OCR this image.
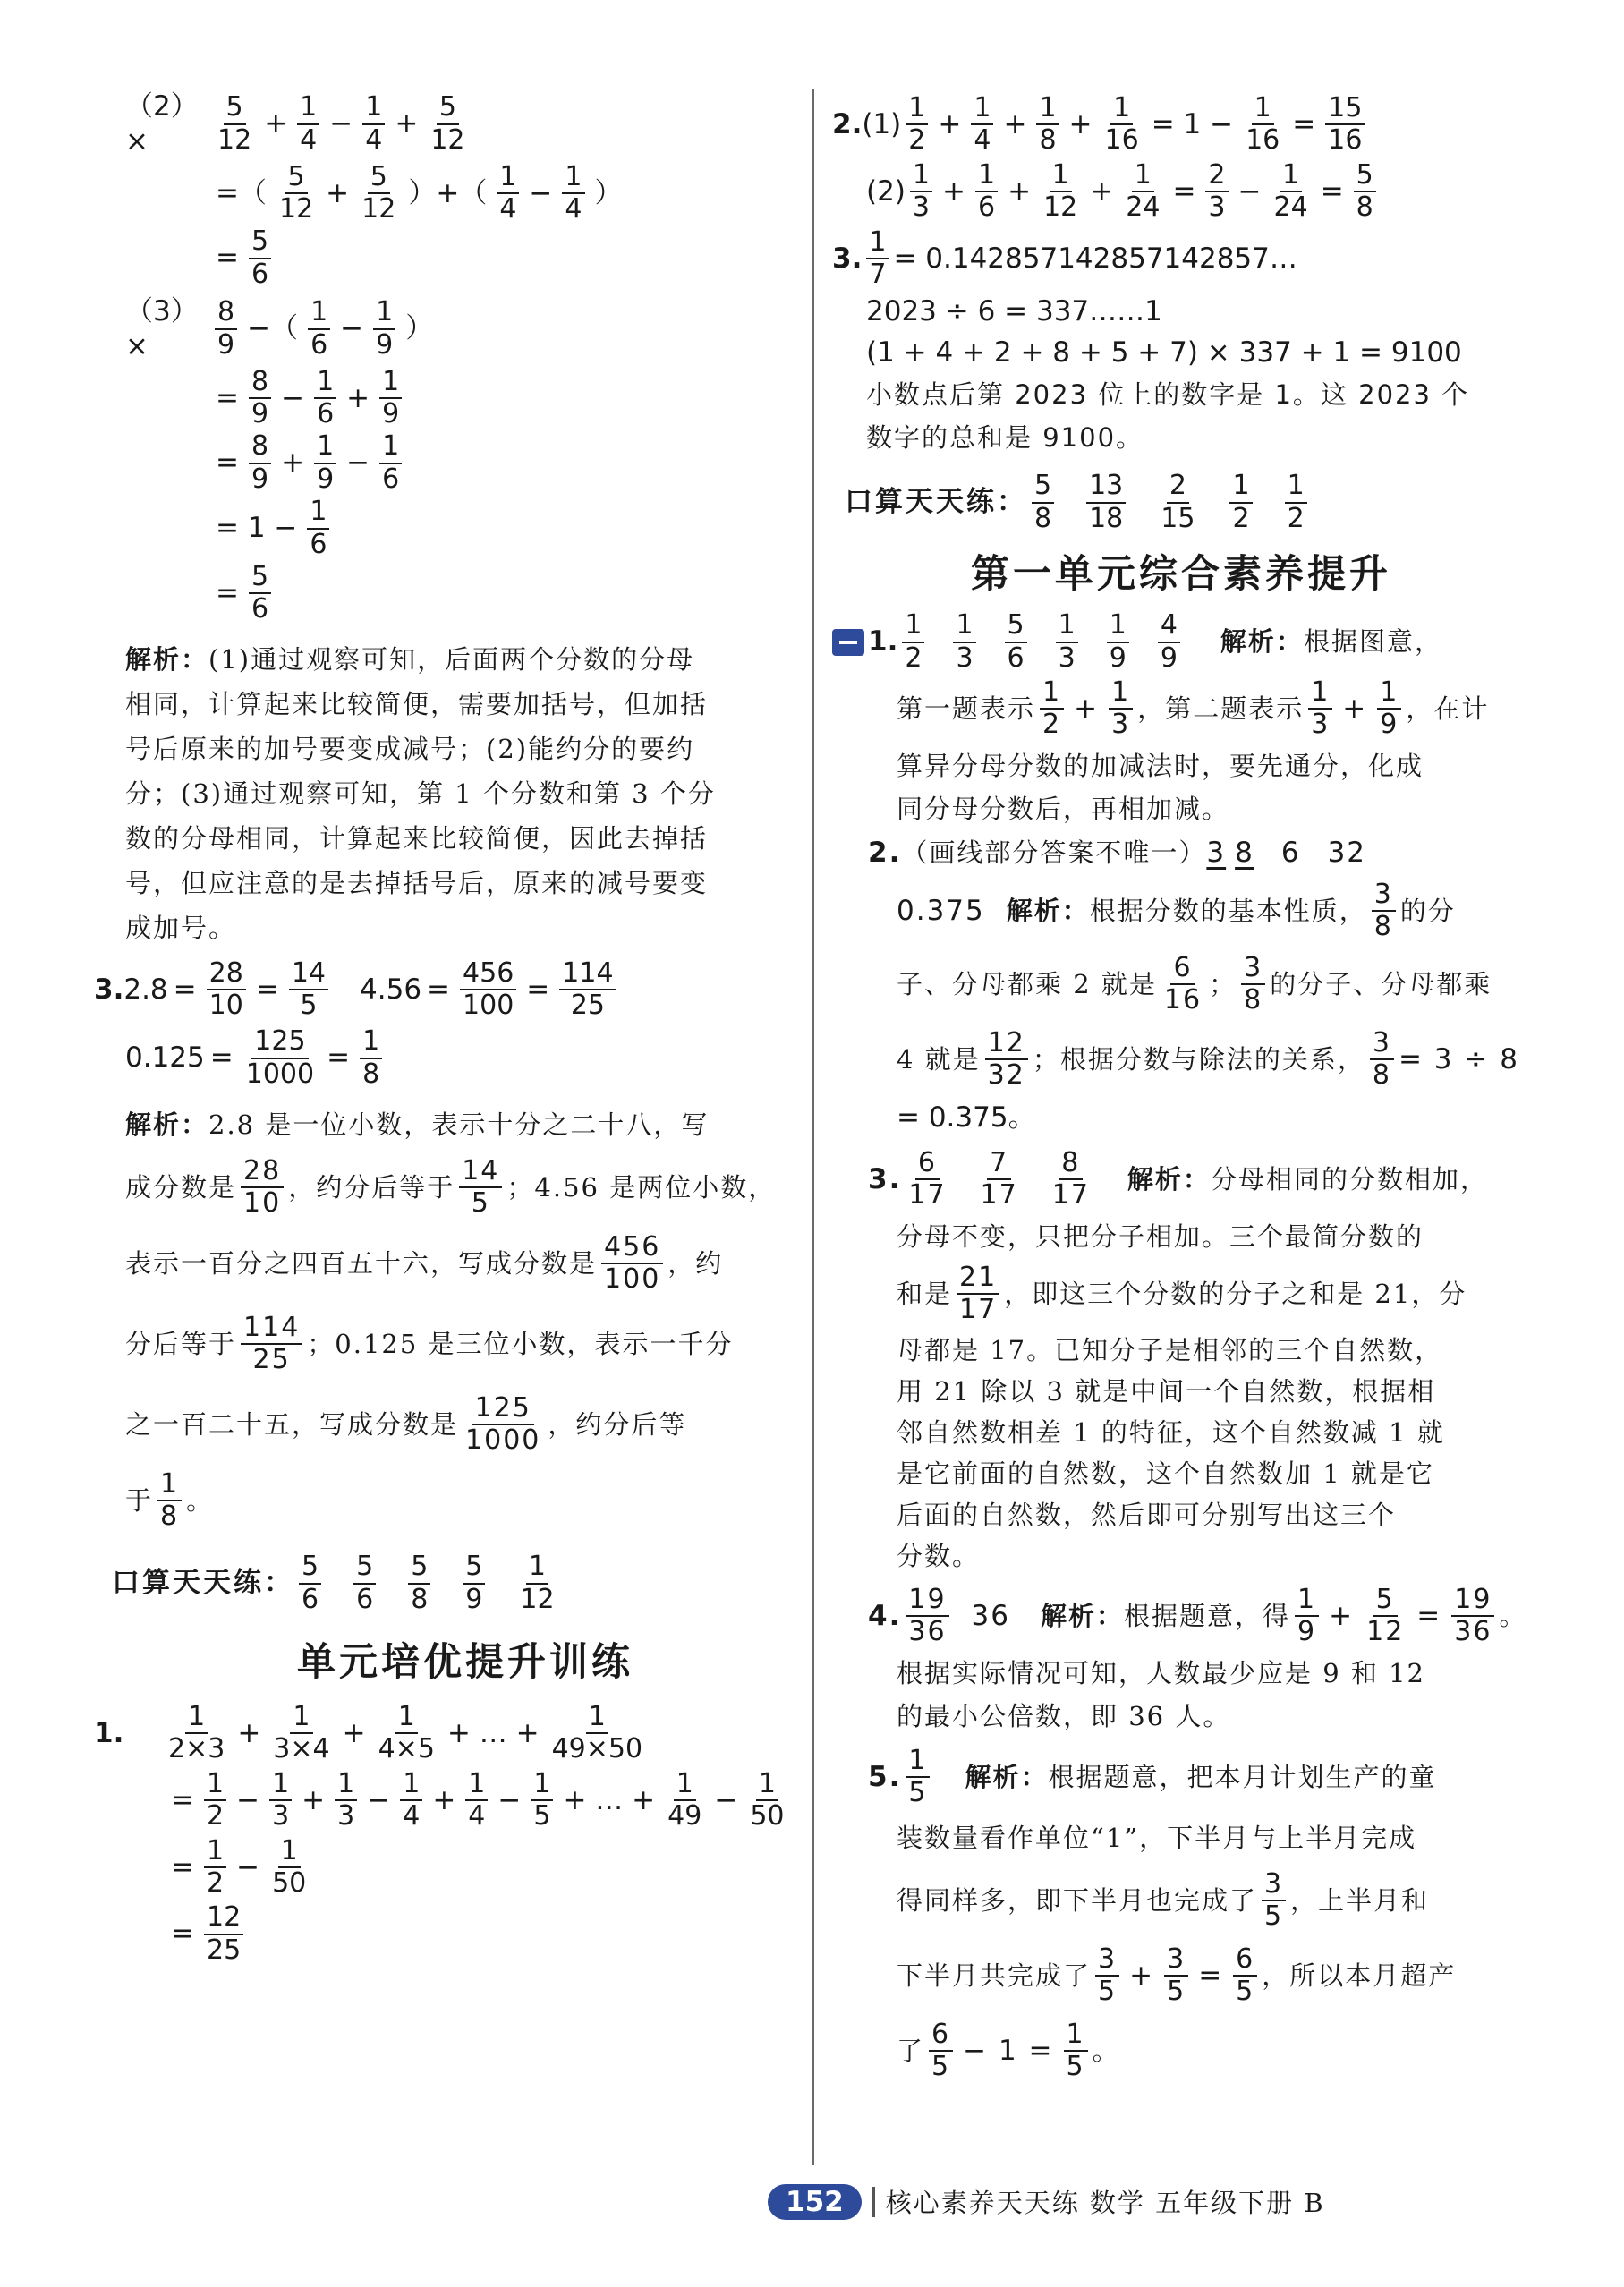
（2）×	$\frac{5}{12} + \frac{1}{4} - \frac{1}{4} + \frac{5}{12}$
=（ $\frac{5}{12} + \frac{5}{12}$ ）+（ $\frac{1}{4} - \frac{1}{4}$ ）
= $\frac{5}{6}$
（3）×	$\frac{8}{9}$ −（ $\frac{1}{6} - \frac{1}{9}$ ）
= $\frac{8}{9} - \frac{1}{6} + \frac{1}{9}$
= $\frac{8}{9} + \frac{1}{9} - \frac{1}{6}$
= $1 - \frac{1}{6}$
= $\frac{5}{6}$
解析： (1)通过观察可知，后面两个分数的分母
相同，计算起来比较简便，需要加括号，但加括
号后原来的加号要变成减号；(2)能约分的要约
分；(3)通过观察可知，第 1 个分数和第 3 个分
数的分母相同，计算起来比较简便，因此去掉括
号，但应注意的是去掉括号后，原来的减号要变
成加号。
3. $2.8 = \frac{28}{10} = \frac{14}{5} 4.56 = \frac{456}{100} = \frac{114}{25}$
$0.125 = \frac{125}{1000} = \frac{1}{8}$
解析： 2.8 是一位小数，表示十分之二十八，写
成分数是 $\frac{28}{10}$ ，约分后等于 $\frac{14}{5}$ ；4.56 是两位小数，
表示一百分之四百五十六，写成分数是 $\frac{456}{100}$ ，约
分后等于 $\frac{114}{25}$ ；0.125 是三位小数，表示一千分
之一百二十五，写成分数是 $\frac{125}{1000}$ ，约分后等
于 $\frac{1}{8}$ 。
口算天天练： $\frac{5}{6} \frac{5}{6} \frac{5}{8} \frac{5}{9} \frac{1}{12}$
单元培优提升训练
1.	$\frac{1}{2\times 3} + \frac{1}{3\times 4} + \frac{1}{4\times 5}$ + … + $\frac{1}{49\times 50}$
= $\frac{1}{2} - \frac{1}{3} + \frac{1}{3} - \frac{1}{4} + \frac{1}{4} - \frac{1}{5}$ + … + $\frac{1}{49} - \frac{1}{50}$
= $\frac{1}{2} - \frac{1}{50}$
= $\frac{12}{25}$
2. $(1) \frac{1}{2} + \frac{1}{4} + \frac{1}{8} + \frac{1}{16} = 1 - \frac{1}{16} = \frac{15}{16}$
$(2) \frac{1}{3} + \frac{1}{6} + \frac{1}{12} + \frac{1}{24} = \frac{2}{3} - \frac{1}{24} = \frac{5}{8}$
3. $\frac{1}{7}$ = 0.142857142857142857…
2023 ÷ 6 = 337……1
(1 + 4 + 2 + 8 + 5 + 7) × 337 + 1 = 9100
小数点后第 2023 位上的数字是 1。这 2023 个
数字的总和是 9100。
口算天天练： $\frac{5}{8} \frac{13}{18} \frac{2}{15} \frac{1}{2} \frac{1}{2}$
第一单元综合素养提升
1. $\frac{1}{2} \frac{1}{3} \frac{5}{6} \frac{1}{3} \frac{1}{9} \frac{4}{9}$ 解析： 根据图意，
第一题表示 $\frac{1}{2} + \frac{1}{3}$ ，第二题表示 $\frac{1}{3} + \frac{1}{9}$ ，在计
算异分母分数的加减法时，要先通分，化成
同分母分数后，再相加减。
2. （画线部分答案不唯一） 3 8 6 32
0.375 解析： 根据分数的基本性质， $\frac{3}{8}$ 的分
子、分母都乘 2 就是 $\frac{6}{16}$ ； $\frac{3}{8}$ 的分子、分母都乘
4 就是 $\frac{12}{32}$ ；根据分数与除法的关系， $\frac{3}{8} = 3 \div 8$
= 0.375。
3. $\frac{6}{17} \frac{7}{17} \frac{8}{17}$ 解析： 分母相同的分数相加，
分母不变，只把分子相加。三个最简分数的
和是 $\frac{21}{17}$ ，即这三个分数的分子之和是 21，分
母都是 17。已知分子是相邻的三个自然数，
用 21 除以 3 就是中间一个自然数，根据相
邻自然数相差 1 的特征，这个自然数减 1 就
是它前面的自然数，这个自然数加 1 就是它
后面的自然数，然后即可分别写出这三个
分数。
4. $\frac{19}{36} 36$ 解析： 根据题意，得 $\frac{1}{9} + \frac{5}{12} = \frac{19}{36}$ 。
根据实际情况可知，人数最少应是 9 和 12
的最小公倍数，即 36 人。
5. $\frac{1}{5}$ 解析： 根据题意，把本月计划生产的童
装数量看作单位“1”，下半月与上半月完成
得同样多，即下半月也完成了 $\frac{3}{5}$ ，上半月和
下半月共完成了 $\frac{3}{5} + \frac{3}{5} = \frac{6}{5}$ ，所以本月超产
了 $\frac{6}{5} - 1 = \frac{1}{5}$ 。
152	核心素养天天练 数学 五年级下册 B
